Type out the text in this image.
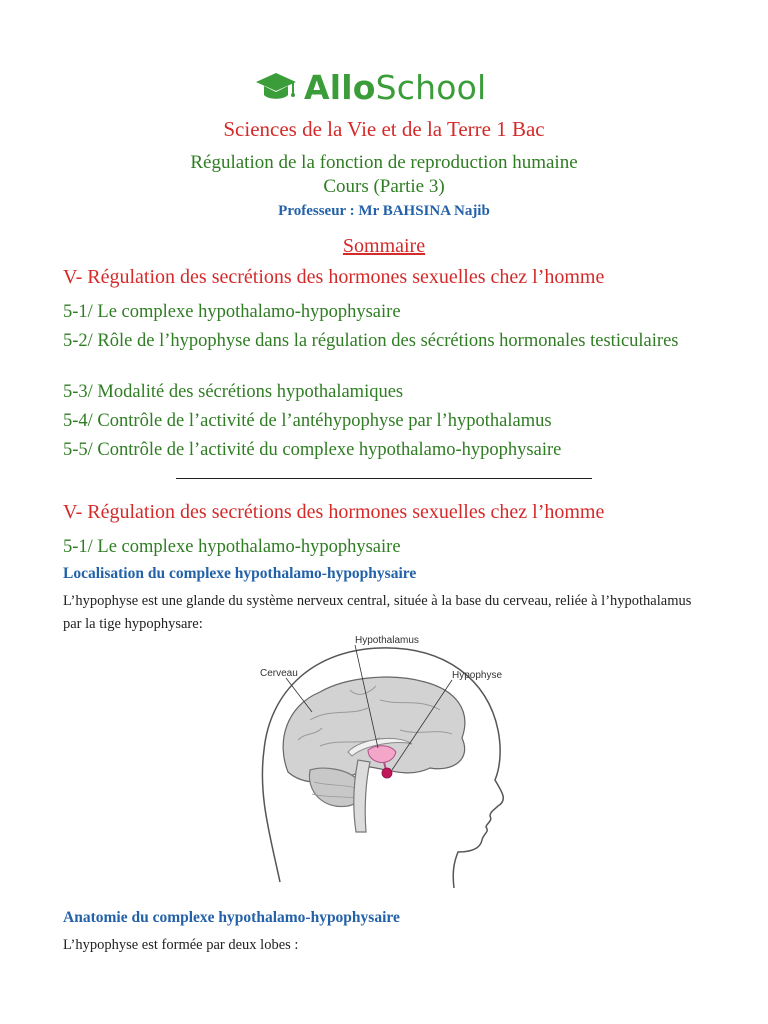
AlloSchool
Sciences de la Vie et de la Terre 1 Bac
Régulation de la fonction de reproduction humaine
Cours (Partie 3)
Professeur : Mr BAHSINA Najib
Sommaire
V- Régulation des secrétions des hormones sexuelles chez l’homme
5-1/ Le complexe hypothalamo-hypophysaire
5-2/ Rôle de l’hypophyse dans la régulation des sécrétions hormonales testiculaires
5-3/ Modalité des sécrétions hypothalamiques
5-4/ Contrôle de l’activité de l’antéhypophyse par l’hypothalamus
5-5/ Contrôle de l’activité du complexe hypothalamo-hypophysaire
V- Régulation des secrétions des hormones sexuelles chez l’homme
5-1/ Le complexe hypothalamo-hypophysaire
Localisation du complexe hypothalamo-hypophysaire
L’hypophyse est une glande du système nerveux central, située à la base du cerveau, reliée à l’hypothalamus par la tige hypophysare:
Hypothalamus
Cerveau	Hypophyse
Anatomie du complexe hypothalamo-hypophysaire
L’hypophyse est formée par deux lobes :
